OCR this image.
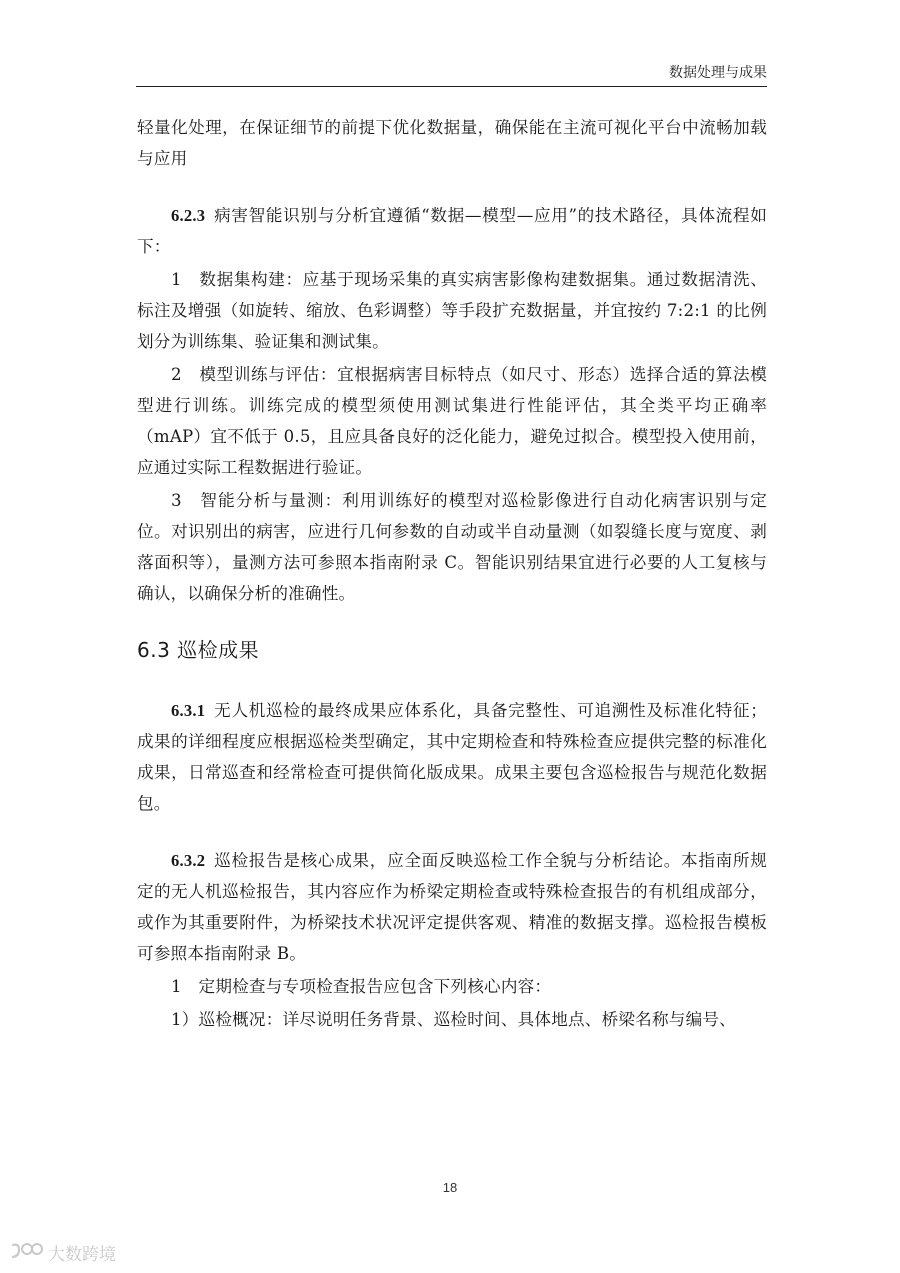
数据处理与成果

轻量化处理，在保证细节的前提下优化数据量，确保能在主流可视化平台中流畅加载与应用

6.2.3  病害智能识别与分析宜遵循“数据—模型—应用”的技术路径，具体流程如下：

1　数据集构建：应基于现场采集的真实病害影像构建数据集。通过数据清洗、标注及增强（如旋转、缩放、色彩调整）等手段扩充数据量，并宜按约 7:2:1 的比例划分为训练集、验证集和测试集。

2　模型训练与评估：宜根据病害目标特点（如尺寸、形态）选择合适的算法模型进行训练。训练完成的模型须使用测试集进行性能评估，其全类平均正确率（mAP）宜不低于 0.5，且应具备良好的泛化能力，避免过拟合。模型投入使用前，应通过实际工程数据进行验证。

3　智能分析与量测：利用训练好的模型对巡检影像进行自动化病害识别与定位。对识别出的病害，应进行几何参数的自动或半自动量测（如裂缝长度与宽度、剥落面积等），量测方法可参照本指南附录 C。智能识别结果宜进行必要的人工复核与确认，以确保分析的准确性。

6.3 巡检成果

6.3.1  无人机巡检的最终成果应体系化，具备完整性、可追溯性及标准化特征；成果的详细程度应根据巡检类型确定，其中定期检查和特殊检查应提供完整的标准化成果，日常巡查和经常检查可提供简化版成果。成果主要包含巡检报告与规范化数据包。

6.3.2  巡检报告是核心成果，应全面反映巡检工作全貌与分析结论。本指南所规定的无人机巡检报告，其内容应作为桥梁定期检查或特殊检查报告的有机组成部分，或作为其重要附件，为桥梁技术状况评定提供客观、精准的数据支撑。巡检报告模板可参照本指南附录 B。

1　定期检查与专项检查报告应包含下列核心内容：

1）巡检概况：详尽说明任务背景、巡检时间、具体地点、桥梁名称与编号、

18
大数跨境
